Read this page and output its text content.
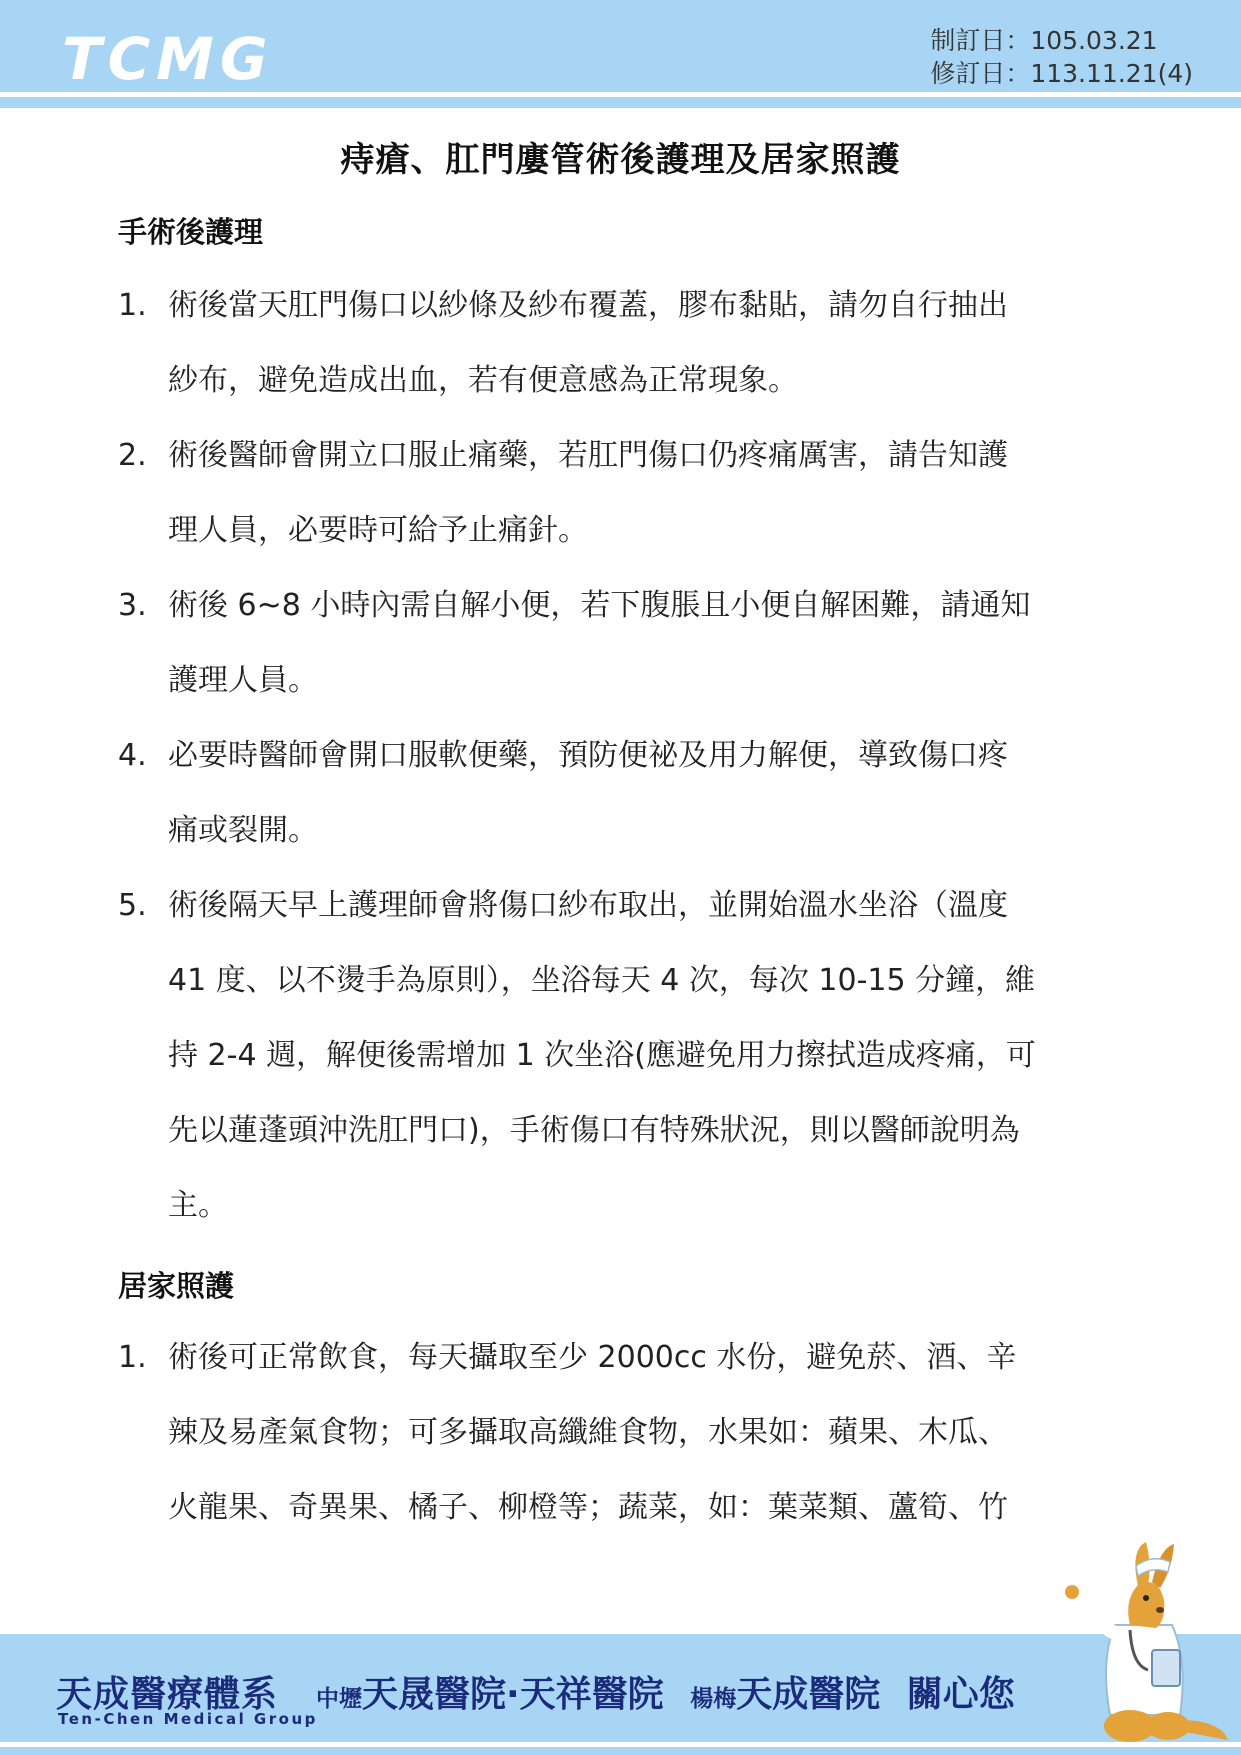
TCMG	制訂日：105.03.21
修訂日：113.11.21(4)
痔瘡、肛門廔管術後護理及居家照護
手術後護理
1. 術後當天肛門傷口以紗條及紗布覆蓋，膠布黏貼，請勿自行抽出
紗布，避免造成出血，若有便意感為正常現象。
2. 術後醫師會開立口服止痛藥，若肛門傷口仍疼痛厲害，請告知護
理人員，必要時可給予止痛針。
3. 術後 6~8 小時內需自解小便，若下腹脹且小便自解困難，請通知
護理人員。
4. 必要時醫師會開口服軟便藥，預防便祕及用力解便，導致傷口疼
痛或裂開。
5. 術後隔天早上護理師會將傷口紗布取出，並開始溫水坐浴（溫度
41 度、以不燙手為原則），坐浴每天 4 次，每次 10-15 分鐘，維
持 2-4 週，解便後需增加 1 次坐浴(應避免用力擦拭造成疼痛，可
先以蓮蓬頭沖洗肛門口)，手術傷口有特殊狀況，則以醫師說明為
主。
居家照護
1. 術後可正常飲食，每天攝取至少 2000cc 水份，避免菸、酒、辛
辣及易產氣食物；可多攝取高纖維食物，水果如：蘋果、木瓜、
火龍果、奇異果、橘子、柳橙等；蔬菜，如：葉菜類、蘆筍、竹
天成醫療體系
Ten-Chen Medical Group
中壢天晟醫院·天祥醫院 楊梅天成醫院 關心您
